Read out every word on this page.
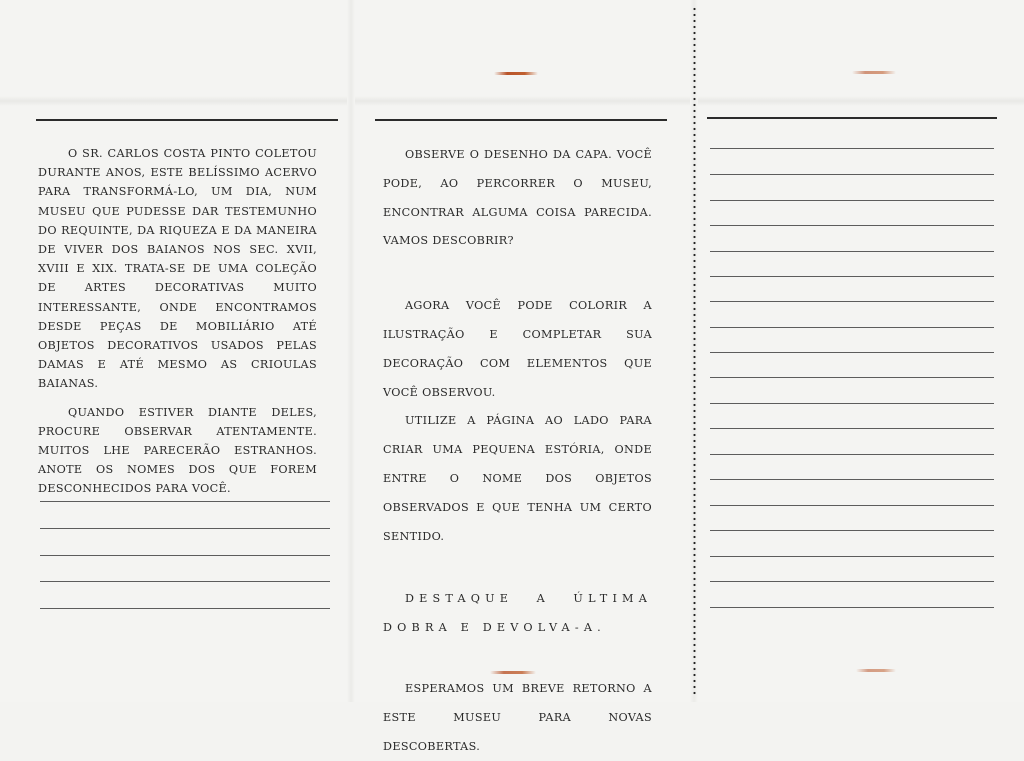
O SR. CARLOS COSTA PINTO COLETOU DURANTE ANOS, ESTE BELÍSSIMO ACERVO PARA TRANSFORMÁ-LO, UM DIA, NUM MUSEU QUE PUDESSE DAR TESTEMUNHO DO REQUINTE, DA RIQUEZA E DA MANEIRA DE VIVER DOS BAIANOS NOS SEC. XVII, XVIII E XIX. TRATA-SE DE UMA COLEÇÃO DE ARTES DECORATIVAS MUITO INTERESSANTE, ONDE ENCONTRAMOS DESDE PEÇAS DE MOBILIÁRIO ATÉ OBJETOS DECORATIVOS USADOS PELAS DAMAS E ATÉ MESMO AS CRIOULAS BAIANAS.

QUANDO ESTIVER DIANTE DELES, PROCURE OBSERVAR ATENTAMENTE. MUITOS LHE PARECERÃO ESTRANHOS. ANOTE OS NOMES DOS QUE FOREM DESCONHECIDOS PARA VOCÊ.

OBSERVE O DESENHO DA CAPA. VOCÊ PODE, AO PERCORRER O MUSEU, ENCONTRAR ALGUMA COISA PARECIDA. VAMOS DESCOBRIR?

AGORA VOCÊ PODE COLORIR A ILUSTRAÇÃO E COMPLETAR SUA DECORAÇÃO COM ELEMENTOS QUE VOCÊ OBSERVOU.

UTILIZE A PÁGINA AO LADO PARA CRIAR UMA PEQUENA ESTÓRIA, ONDE ENTRE O NOME DOS OBJETOS OBSERVADOS E QUE TENHA UM CERTO SENTIDO.

DESTAQUE A ÚLTIMA DOBRA E DEVOLVA-A.

ESPERAMOS UM BREVE RETORNO A ESTE MUSEU PARA NOVAS DESCOBERTAS.
